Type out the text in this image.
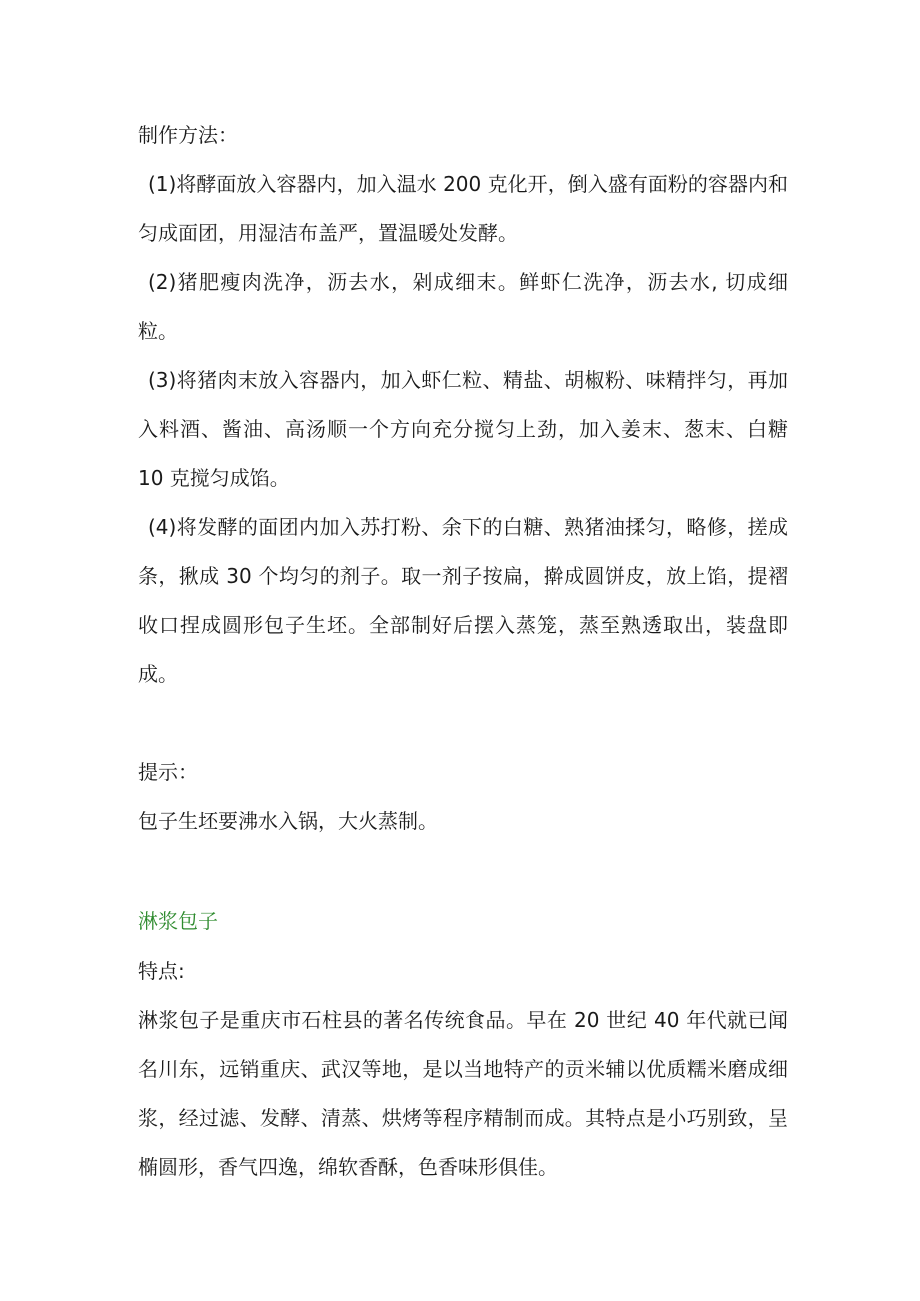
制作方法：

(1)将酵面放入容器内，加入温水 200 克化开，倒入盛有面粉的容器内和匀成面团，用湿洁布盖严，置温暖处发酵。

(2)猪肥瘦肉洗净，沥去水，剁成细末。鲜虾仁洗净，沥去水, 切成细粒。

(3)将猪肉末放入容器内，加入虾仁粒、精盐、胡椒粉、味精拌匀，再加入料酒、酱油、高汤顺一个方向充分搅匀上劲，加入姜末、葱末、白糖 10 克搅匀成馅。

(4)将发酵的面团内加入苏打粉、余下的白糖、熟猪油揉匀，略修，搓成条，揪成 30 个均匀的剂子。取一剂子按扁，擀成圆饼皮，放上馅，提褶收口捏成圆形包子生坯。全部制好后摆入蒸笼，蒸至熟透取出，装盘即成。

提示：

包子生坯要沸水入锅，大火蒸制。

淋浆包子

特点:

淋浆包子是重庆市石柱县的著名传统食品。早在 20 世纪 40 年代就已闻名川东，远销重庆、武汉等地，是以当地特产的贡米辅以优质糯米磨成细浆，经过滤、发酵、清蒸、烘烤等程序精制而成。其特点是小巧别致，呈椭圆形，香气四逸，绵软香酥，色香味形俱佳。
